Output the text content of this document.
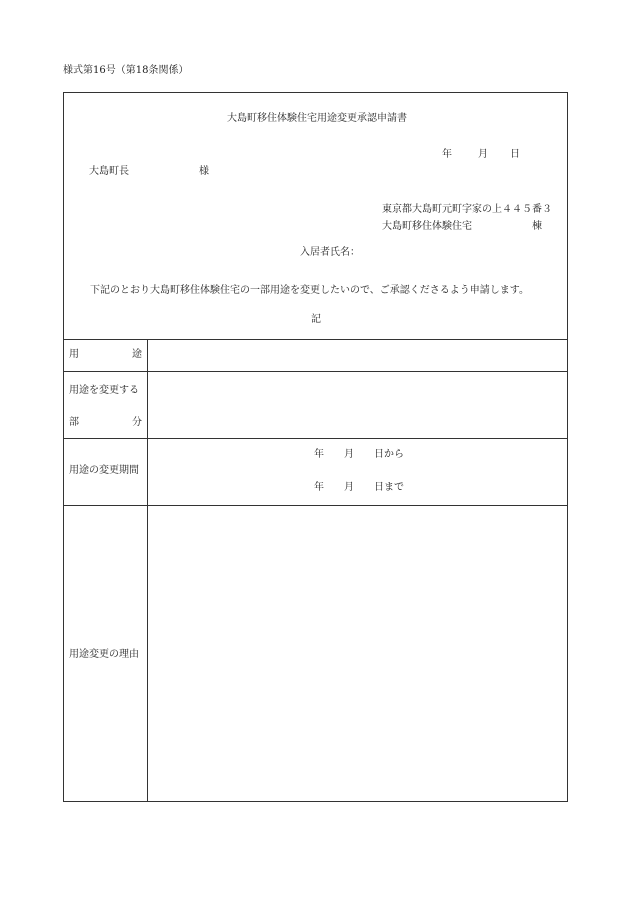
様式第16号（第18条関係）
大島町移住体験住宅用途変更承認申請書
年	月 日
大島町長	様
東京都大島町元町字家の上４４５番３
大島町移住体験住宅	棟
入居者氏名：
下記のとおり大島町移住体験住宅の一部用途を変更したいので、ご承認くださるよう申請します。
記
用	途
用途を変更する
部	分
用途の変更期間
年 月 日から
年 月 日まで
用途変更の理由
